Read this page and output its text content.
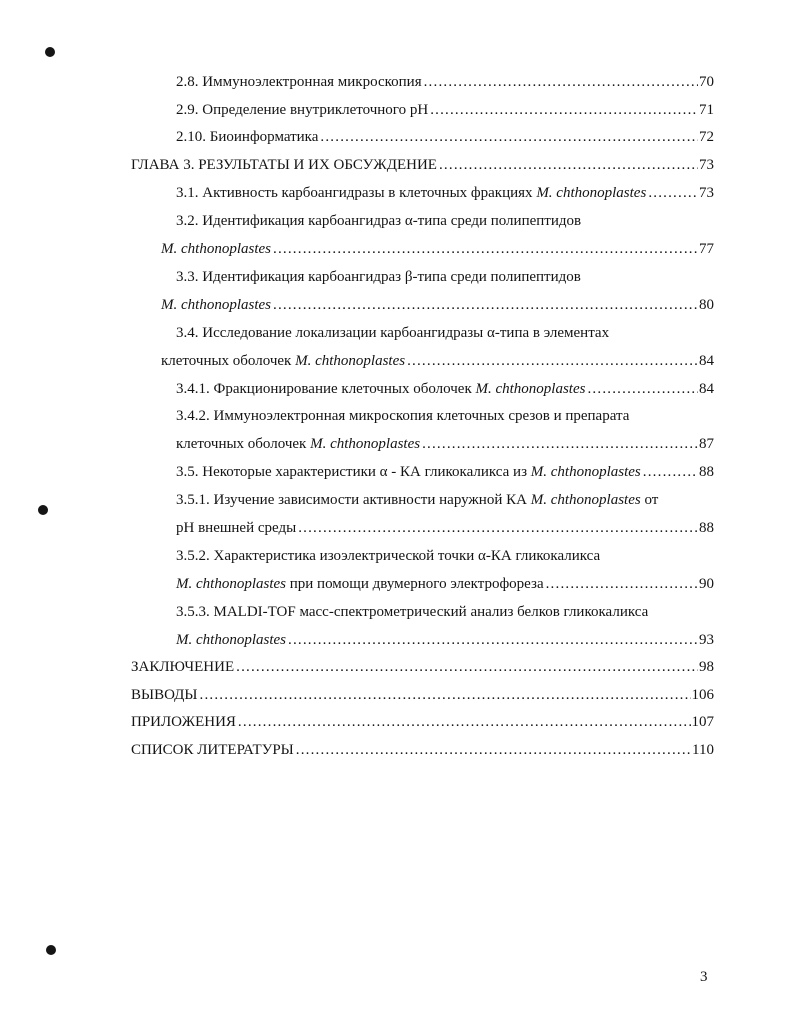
2.8. Иммуноэлектронная микроскопия .....	70
2.9. Определение внутриклеточного pH .....	71
2.10. Биоинформатика .....	72
ГЛАВА 3. РЕЗУЛЬТАТЫ И ИХ ОБСУЖДЕНИЕ .....	73
3.1. Активность карбоангидразы в клеточных фракциях M. chthonoplastes .....	73
3.2. Идентификация карбоангидраз α-типа среди полипептидов
M. chthonoplastes .....	77
3.3. Идентификация карбоангидраз β-типа среди полипептидов
M. chthonoplastes .....	80
3.4. Исследование локализации карбоангидразы α-типа в элементах
клеточных оболочек M. chthonoplastes .....	84
3.4.1. Фракционирование клеточных оболочек M. chthonoplastes .....	84
3.4.2. Иммуноэлектронная микроскопия клеточных срезов и препарата
клеточных оболочек M. chthonoplastes .....	87
3.5. Некоторые характеристики α - КА гликокаликса из M. chthonoplastes .....	88
3.5.1. Изучение зависимости активности наружной КА M. chthonoplastes от
pH внешней среды .....	88
3.5.2. Характеристика изоэлектрической точки α-КА гликокаликса
M. chthonoplastes при помощи двумерного электрофореза .....	90
3.5.3. MALDI-TOF масс-спектрометрический анализ белков гликокаликса
M. chthonoplastes .....	93
ЗАКЛЮЧЕНИЕ .....	98
ВЫВОДЫ .....	106
ПРИЛОЖЕНИЯ .....	107
СПИСОК ЛИТЕРАТУРЫ .....	110
3
